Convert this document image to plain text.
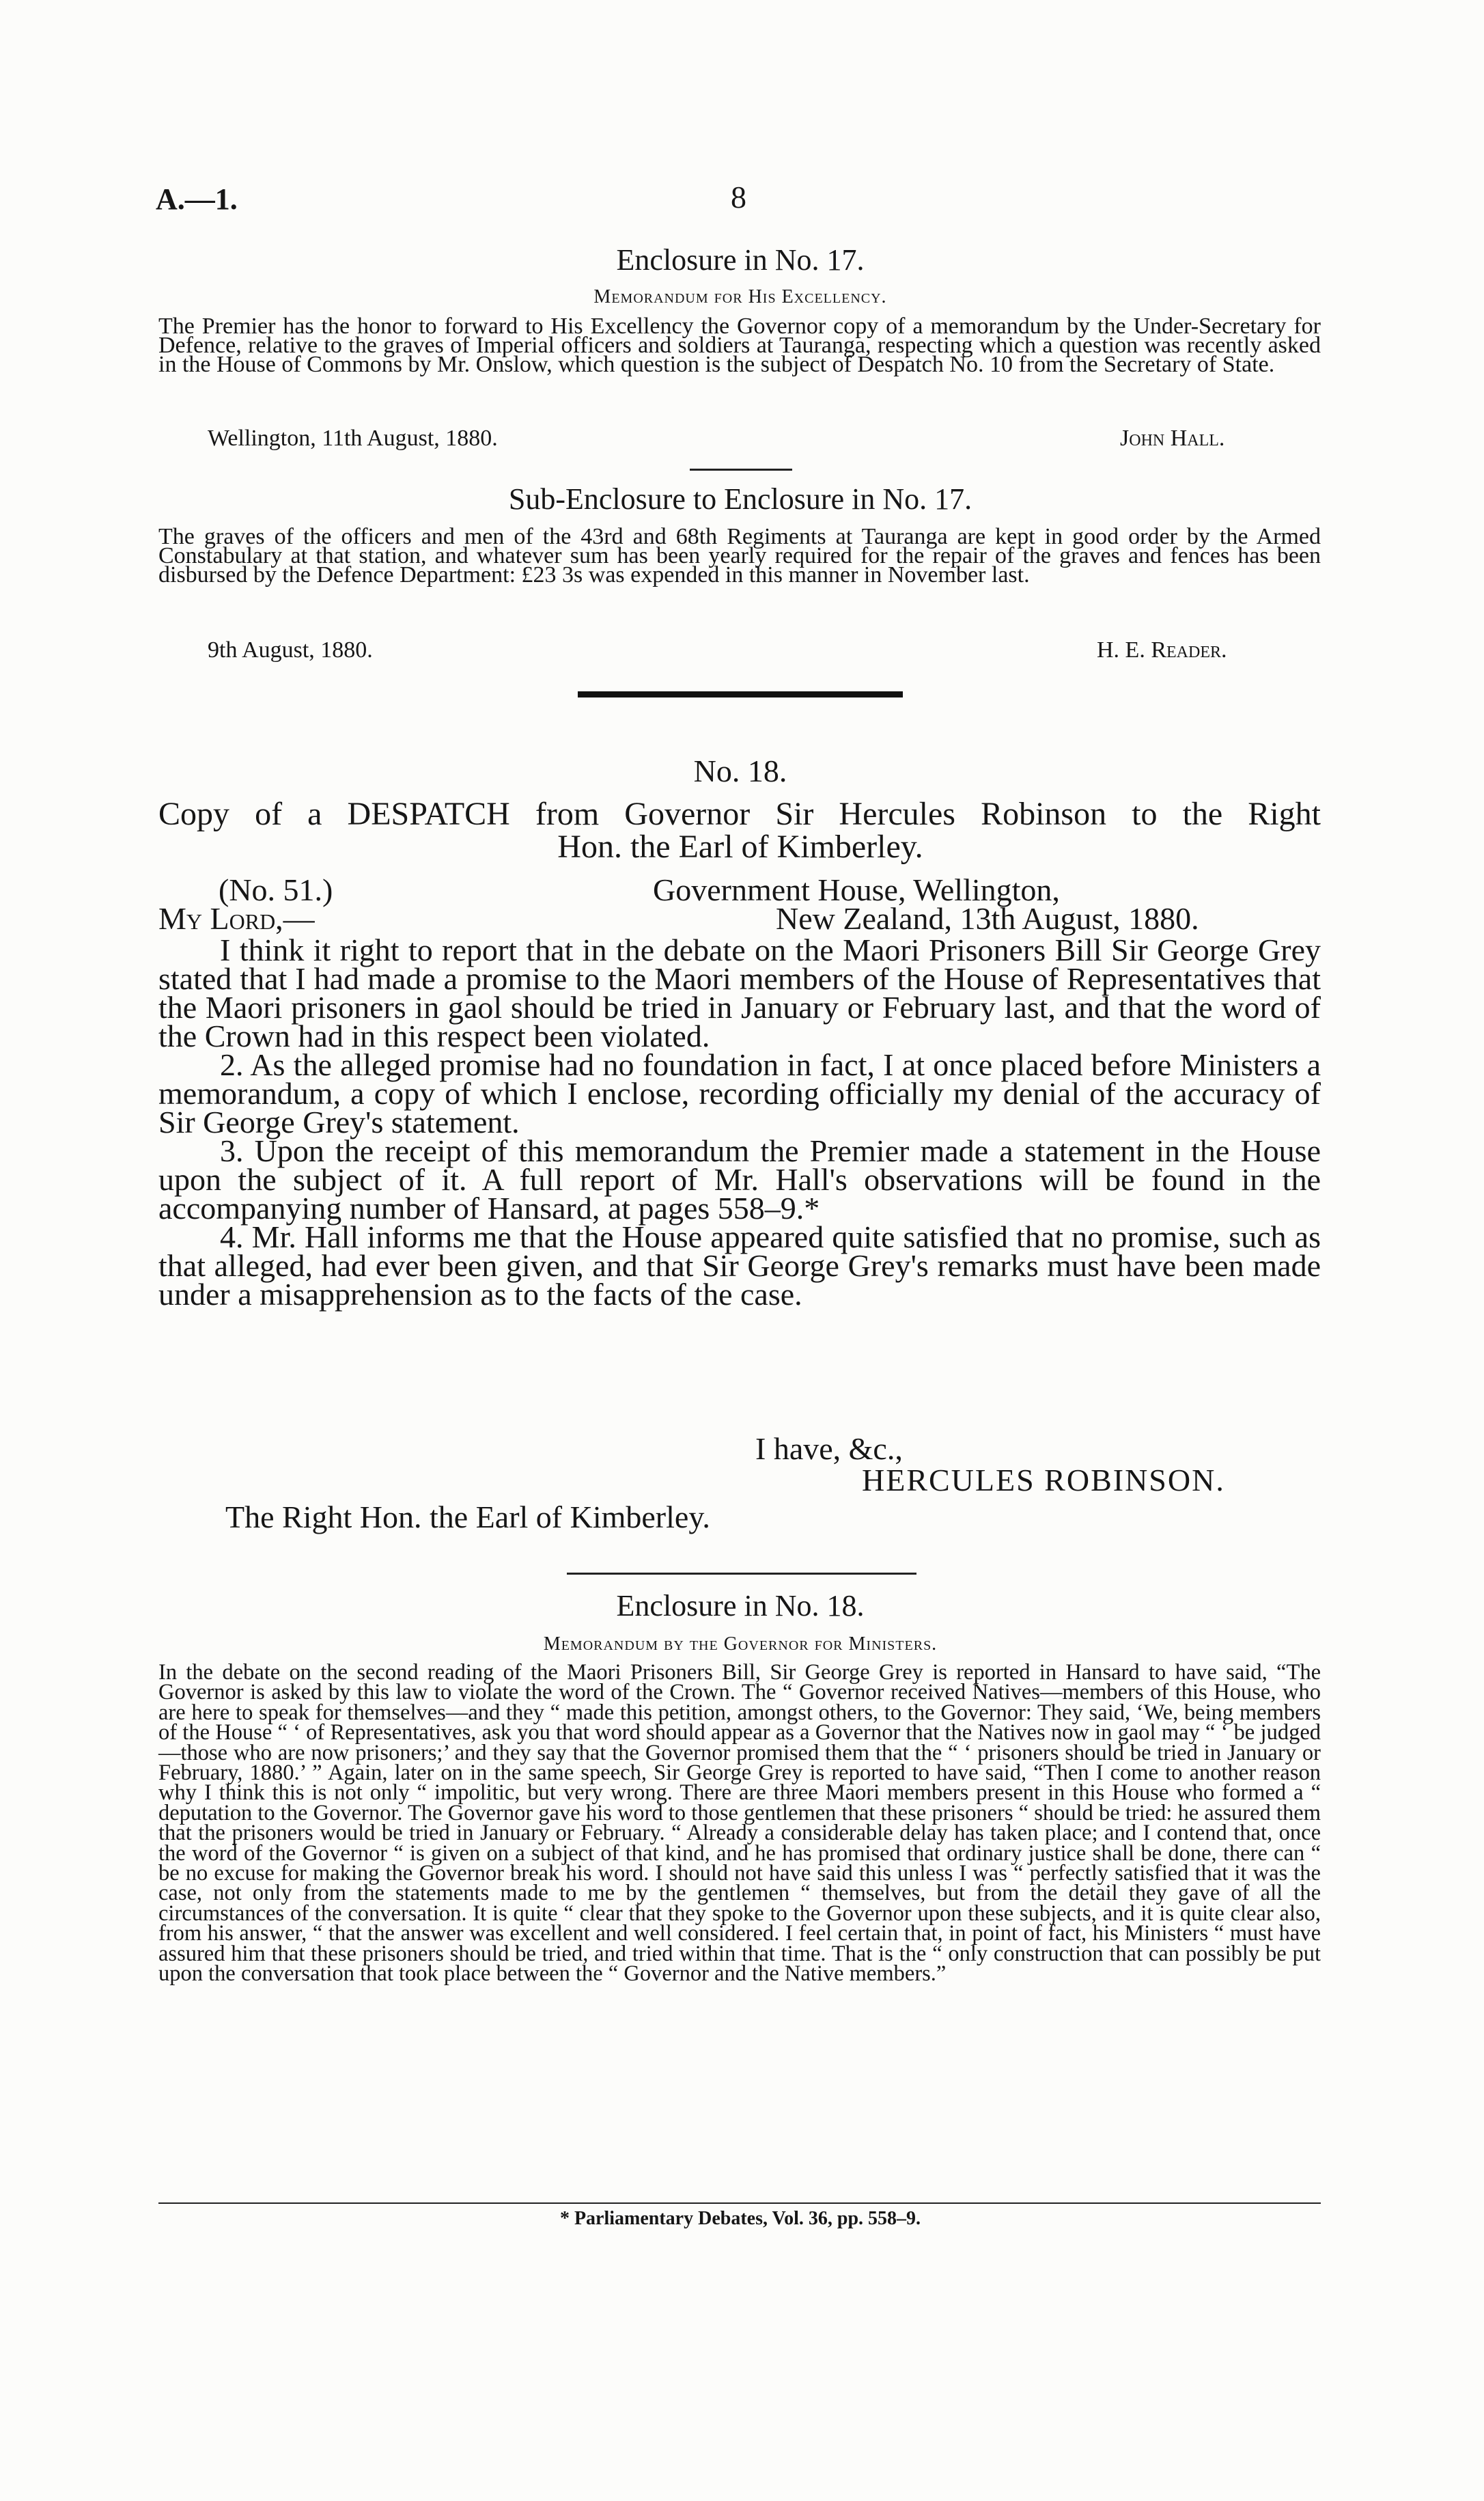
A.—1.	8
Enclosure in No. 17.
Memorandum for His Excellency.

The Premier has the honor to forward to His Excellency the Governor copy of a memorandum by the Under-Secretary for Defence, relative to the graves of Imperial officers and soldiers at Tauranga, respecting which a question was recently asked in the House of Commons by Mr. Onslow, which question is the subject of Despatch No. 10 from the Secretary of State.

Wellington, 11th August, 1880.	John Hall.
Sub-Enclosure to Enclosure in No. 17.

The graves of the officers and men of the 43rd and 68th Regiments at Tauranga are kept in good order by the Armed Constabulary at that station, and whatever sum has been yearly required for the repair of the graves and fences has been disbursed by the Defence Department: £23 3s was expended in this manner in November last.

9th August, 1880.	H. E. Reader.
No. 18.
Copy of a DESPATCH from Governor Sir Hercules Robinson to the Right
Hon. the Earl of Kimberley.
(No. 51.)	Government House, Wellington,
My Lord,—	New Zealand, 13th August, 1880.

I think it right to report that in the debate on the Maori Prisoners Bill Sir George Grey stated that I had made a promise to the Maori members of the House of Representatives that the Maori prisoners in gaol should be tried in January or February last, and that the word of the Crown had in this respect been violated.

2. As the alleged promise had no foundation in fact, I at once placed before Ministers a memorandum, a copy of which I enclose, recording officially my denial of the accuracy of Sir George Grey's statement.

3. Upon the receipt of this memorandum the Premier made a statement in the House upon the subject of it. A full report of Mr. Hall's observations will be found in the accompanying number of Hansard, at pages 558–9.*

4. Mr. Hall informs me that the House appeared quite satisfied that no promise, such as that alleged, had ever been given, and that Sir George Grey's remarks must have been made under a misapprehension as to the facts of the case.

I have, &c.,
HERCULES ROBINSON.
The Right Hon. the Earl of Kimberley.
Enclosure in No. 18.
Memorandum by the Governor for Ministers.

In the debate on the second reading of the Maori Prisoners Bill, Sir George Grey is reported in Hansard to have said, “The Governor is asked by this law to violate the word of the Crown. The “ Governor received Natives—members of this House, who are here to speak for themselves—and they “ made this petition, amongst others, to the Governor: They said, ‘We, being members of the House “ ‘ of Representatives, ask you that word should appear as a Governor that the Natives now in gaol may “ ‘ be judged—those who are now prisoners;’ and they say that the Governor promised them that the “ ‘ prisoners should be tried in January or February, 1880.’ ” Again, later on in the same speech, Sir George Grey is reported to have said, “Then I come to another reason why I think this is not only “ impolitic, but very wrong. There are three Maori members present in this House who formed a “ deputation to the Governor. The Governor gave his word to those gentlemen that these prisoners “ should be tried: he assured them that the prisoners would be tried in January or February. “ Already a considerable delay has taken place; and I contend that, once the word of the Governor “ is given on a subject of that kind, and he has promised that ordinary justice shall be done, there can “ be no excuse for making the Governor break his word. I should not have said this unless I was “ perfectly satisfied that it was the case, not only from the statements made to me by the gentlemen “ themselves, but from the detail they gave of all the circumstances of the conversation. It is quite “ clear that they spoke to the Governor upon these subjects, and it is quite clear also, from his answer, “ that the answer was excellent and well considered. I feel certain that, in point of fact, his Ministers “ must have assured him that these prisoners should be tried, and tried within that time. That is the “ only construction that can possibly be put upon the conversation that took place between the “ Governor and the Native members.”

* Parliamentary Debates, Vol. 36, pp. 558–9.
